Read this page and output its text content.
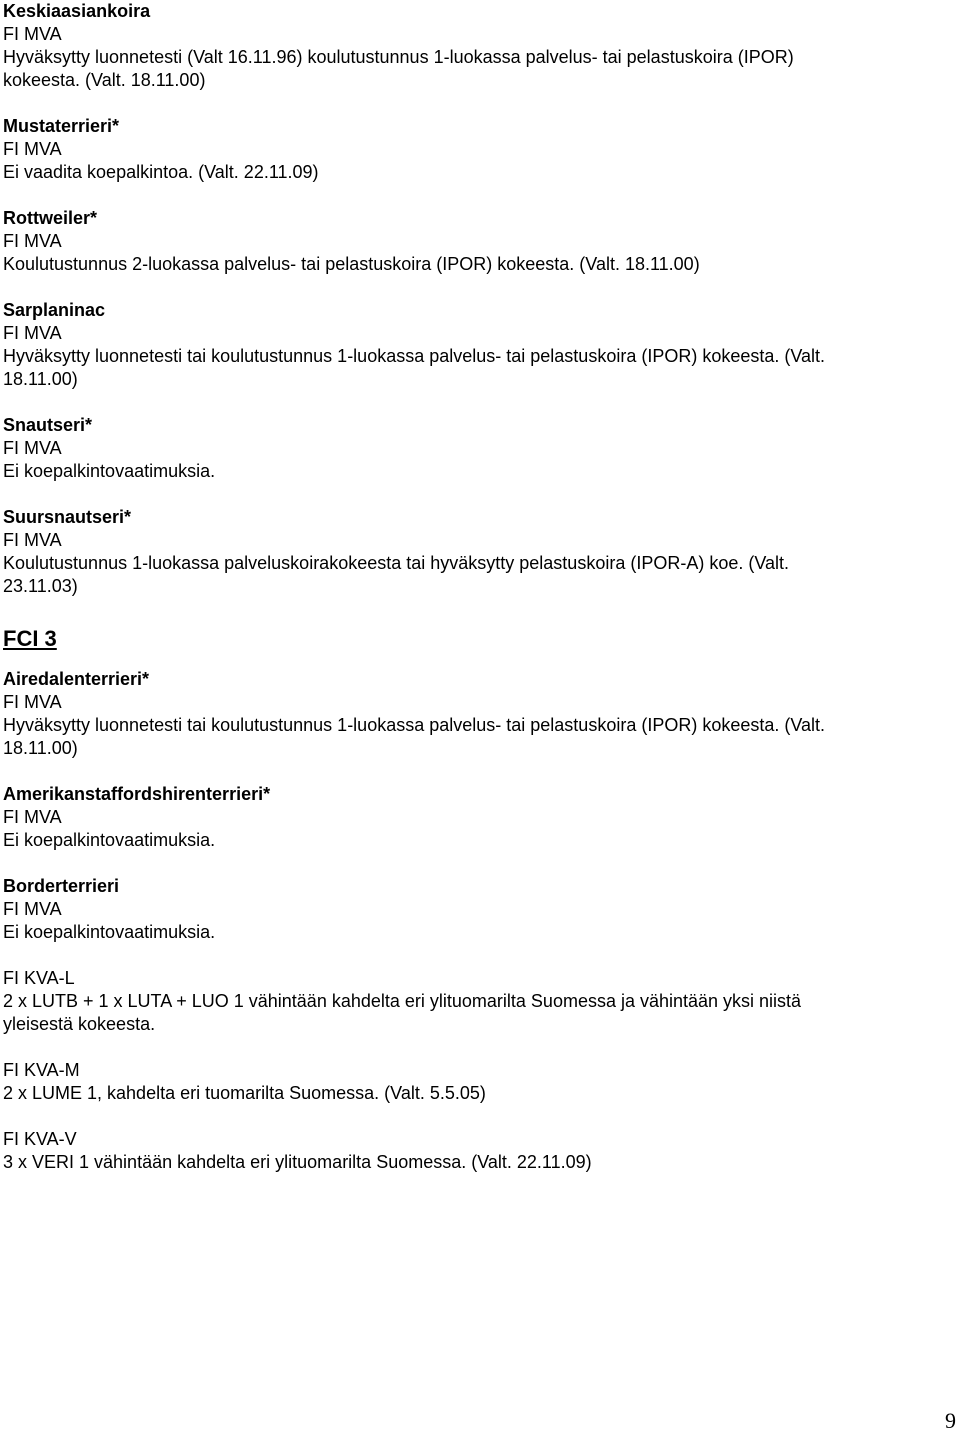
Keskiaasiankoira
FI MVA
Hyväksytty luonnetesti (Valt 16.11.96) koulutustunnus 1-luokassa palvelus- tai pelastuskoira (IPOR)
kokeesta. (Valt. 18.11.00)
Mustaterrieri*
FI MVA
Ei vaadita koepalkintoa. (Valt. 22.11.09)
Rottweiler*
FI MVA
Koulutustunnus 2-luokassa palvelus- tai pelastuskoira (IPOR) kokeesta. (Valt. 18.11.00)
Sarplaninac
FI MVA
Hyväksytty luonnetesti tai koulutustunnus 1-luokassa palvelus- tai pelastuskoira (IPOR) kokeesta. (Valt.
18.11.00)
Snautseri*
FI MVA
Ei koepalkintovaatimuksia.
Suursnautseri*
FI MVA
Koulutustunnus 1-luokassa palveluskoirakokeesta tai hyväksytty pelastuskoira (IPOR-A) koe. (Valt.
23.11.03)
FCI 3
Airedalenterrieri*
FI MVA
Hyväksytty luonnetesti tai koulutustunnus 1-luokassa palvelus- tai pelastuskoira (IPOR) kokeesta. (Valt.
18.11.00)
Amerikanstaffordshirenterrieri*
FI MVA
Ei koepalkintovaatimuksia.
Borderterrieri
FI MVA
Ei koepalkintovaatimuksia.
FI KVA-L
2 x LUTB + 1 x LUTA + LUO 1 vähintään kahdelta eri ylituomarilta Suomessa ja vähintään yksi niistä
yleisestä kokeesta.
FI KVA-M
2 x LUME 1, kahdelta eri tuomarilta Suomessa. (Valt. 5.5.05)
FI KVA-V
3 x VERI 1 vähintään kahdelta eri ylituomarilta Suomessa. (Valt. 22.11.09)
9
